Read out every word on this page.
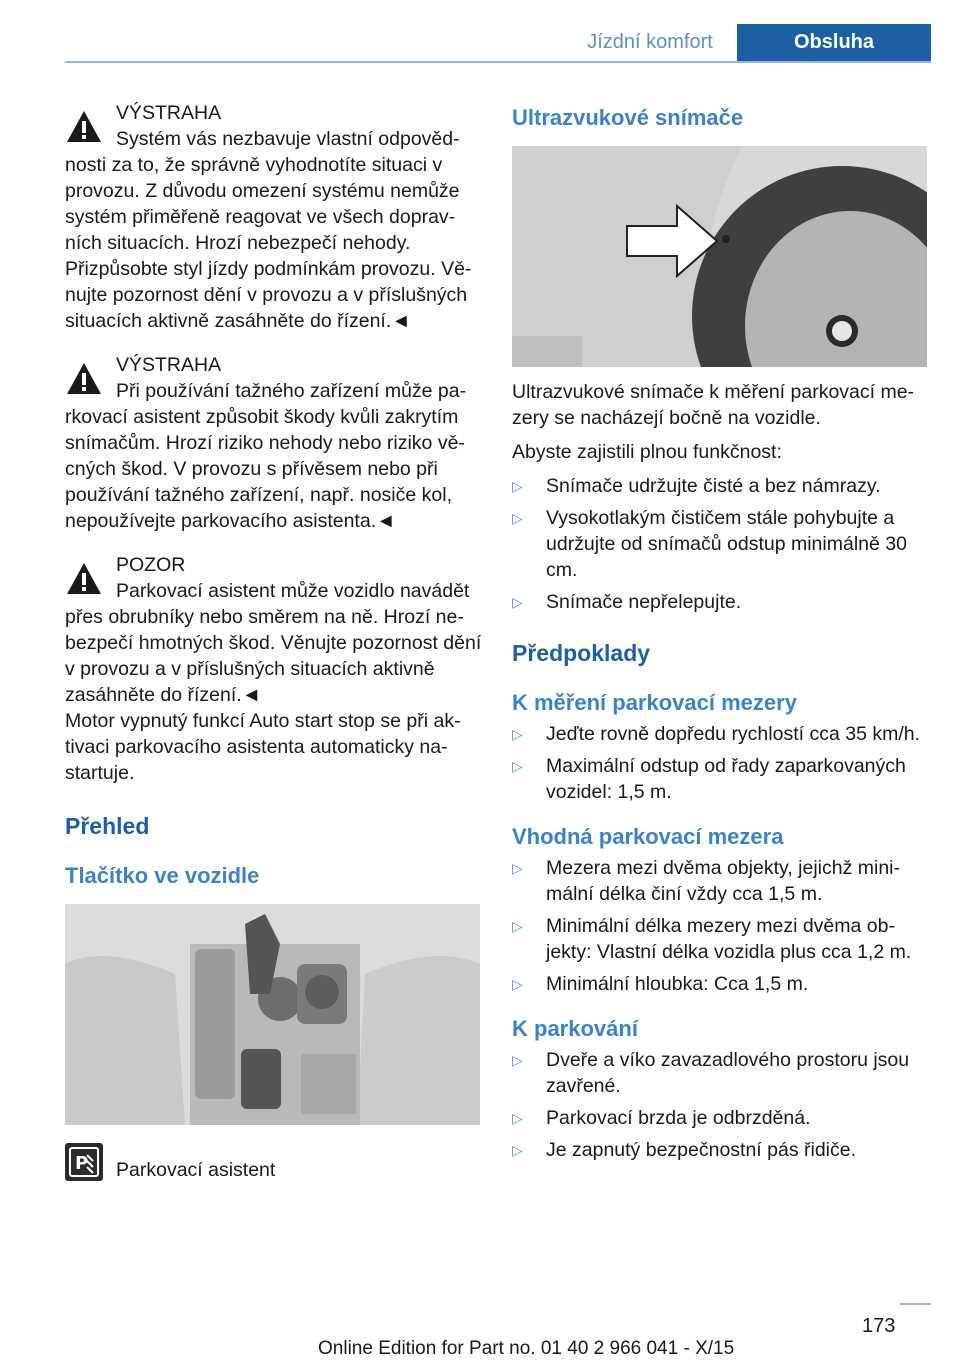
Jízdní komfort	Obsluha

VÝSTRAHA

Systém vás nezbavuje vlastní odpověd-nosti za to, že správně vyhodnotíte situaci v provozu. Z důvodu omezení systému nemůže systém přiměřeně reagovat ve všech doprav-ních situacích. Hrozí nebezpečí nehody. Přizpůsobte styl jízdy podmínkám provozu. Vě-nujte pozornost dění v provozu a v příslušných situacích aktivně zasáhněte do řízení.◄

VÝSTRAHA

Při používání tažného zařízení může pa-rkovací asistent způsobit škody kvůli zakrytím snímačům. Hrozí riziko nehody nebo riziko vě-cných škod. V provozu s přívěsem nebo při používání tažného zařízení, např. nosiče kol, nepoužívejte parkovacího asistenta.◄

POZOR

Parkovací asistent může vozidlo navádět přes obrubníky nebo směrem na ně. Hrozí ne-bezpečí hmotných škod. Věnujte pozornost dění v provozu a v příslušných situacích aktivně zasáhněte do řízení.◄

Motor vypnutý funkcí Auto start stop se při ak-tivaci parkovacího asistenta automaticky na-startuje.

Přehled

Tlačítko ve vozidle

P Parkovací asistent

Ultrazvukové snímače

Ultrazvukové snímače k měření parkovací me-zery se nacházejí bočně na vozidle.

Abyste zajistili plnou funkčnost:

▷ Snímače udržujte čisté a bez námrazy.
▷ Vysokotlakým čističem stále pohybujte a udržujte od snímačů odstup minimálně 30 cm.
▷ Snímače nepřelepujte.

Předpoklady

K měření parkovací mezery

▷ Jeďte rovně dopředu rychlostí cca 35 km/h.
▷ Maximální odstup od řady zaparkovaných vozidel: 1,5 m.

Vhodná parkovací mezera

▷ Mezera mezi dvěma objekty, jejichž mini-mální délka činí vždy cca 1,5 m.
▷ Minimální délka mezery mezi dvěma ob-jekty: Vlastní délka vozidla plus cca 1,2 m.
▷ Minimální hloubka: Cca 1,5 m.

K parkování

▷ Dveře a víko zavazadlového prostoru jsou zavřené.
▷ Parkovací brzda je odbrzděná.
▷ Je zapnutý bezpečnostní pás řidiče.
173
Online Edition for Part no. 01 40 2 966 041 - X/15
